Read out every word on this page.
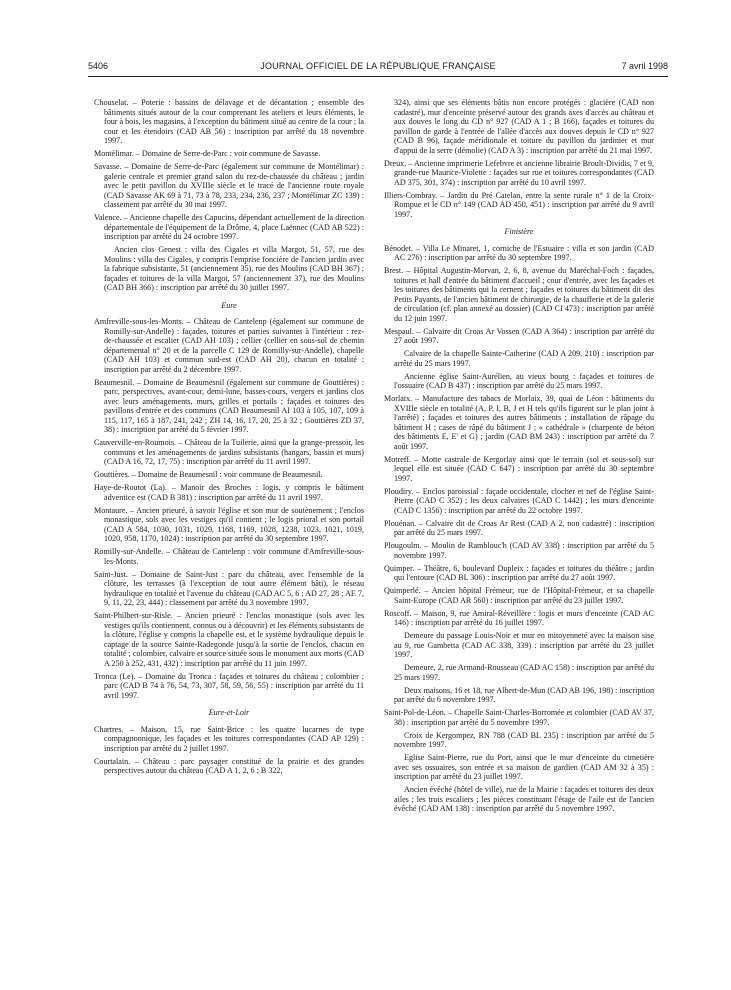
5406	JOURNAL OFFICIEL DE LA RÉPUBLIQUE FRANÇAISE	7 avril 1998

Chouselat. – Poterie : bassins de délavage et de décantation ; ensemble des bâtiments situés autour de la cour comprenant les ateliers et leurs éléments, le four à bois, les magasins, à l'exception du bâtiment situé au centre de la cour ; la cour et les étendoirs (CAD AB 56) : inscription par arrêté du 18 novembre 1997.

Montélimar. – Domaine de Serre-de-Parc : voir commune de Savasse.

Savasse. – Domaine de Serre-de-Parc (également sur commune de Montélimar) : galerie centrale et premier grand salon du rez-de-chaussée du château ; jardin avec le petit pavillon du XVIIIe siècle et le tracé de l'ancienne route royale (CAD Savasse AK 69 à 71, 73 à 78, 233, 234, 236, 237 ; Montélimar ZC 139) : classement par arrêté du 30 mai 1997.

Valence. – Ancienne chapelle des Capucins, dépendant actuellement de la direction départementale de l'équipement de la Drôme, 4, place Laënnec (CAD AB 522) : inscription par arrêté du 24 octobre 1997.

Ancien clos Genest : villa des Cigales et villa Margot, 51, 57, rue des Moulins : villa des Cigales, y compris l'emprise foncière de l'ancien jardin avec la fabrique subsistante, 51 (anciennement 35), rue des Moulins (CAD BH 367) ; façades et toitures de la villa Margot, 57 (anciennement 37), rue des Moulins (CAD BH 366) : inscription par arrêté du 30 juillet 1997.

Eure

Amfreville-sous-les-Monts. – Château de Cantelenp (également sur commune de Romilly-sur-Andelle) : façades, toitures et parties suivantes à l'intérieur : rez-de-chaussée et escalier (CAD AH 103) ; cellier (cellier en sous-sol de chemin départemental n° 20 et de la parcelle C 129 de Romilly-sur-Andelle), chapelle (CAD AH 103) et commun sud-est (CAD AH 20), chacun en totalité : inscription par arrêté du 2 décembre 1997.

Beaumesnil. – Domaine de Beaumesnil (également sur commune de Gouttières) : parc, perspectives, avant-cour, demi-lune, basses-cours, vergers et jardins clos avec leurs aménagements, murs, grilles et portails ; façades et toitures des pavillons d'entrée et des communs (CAD Beaumesnil AI 103 à 105, 107, 109 à 115, 117, 165 à 187, 241, 242 ; ZH 14, 16, 17, 20, 25 à 32 ; Gouttières ZD 37, 38) : inscription par arrêté du 5 février 1997.

Cauverville-en-Roumois. – Château de la Tuilerie, ainsi que la grange-pressoir, les communs et les aménagements de jardins subsistants (hangars, bassin et murs) (CAD A 16, 72, 17, 75) : inscription par arrêté du 11 avril 1997.

Gouttières. – Domaine de Beaumesnil : voir commune de Beaumesnil.

Haye-de-Routot (La). – Manoir des Broches : logis, y compris le bâtiment adventice est (CAD B 381) : inscription par arrêté du 11 avril 1997.

Montaure. – Ancien prieuré, à savoir l'église et son mur de soutènement ; l'enclos monastique, sols avec les vestiges qu'il contient ; le logis prioral et son portail (CAD A 584, 1030, 1031, 1029, 1168, 1169, 1028, 1238, 1023, 1021, 1019, 1020, 958, 1170, 1024) : inscription par arrêté du 30 septembre 1997.

Romilly-sur-Andelle. – Château de Cantelenp : voir commune d'Amfreville-sous-les-Monts.

Saint-Just. – Domaine de Saint-Just : parc du château, avec l'ensemble de la clôture, les terrasses (à l'exception de tout autre élément bâti), le réseau hydraulique en totalité et l'avenue du château (CAD AC 5, 6 ; AD 27, 28 ; AE 7, 9, 11, 22, 23, 444) : classement par arrêté du 3 novembre 1997.

Saint-Philbert-sur-Risle. – Ancien prieuré : l'enclos monastique (sols avec les vestiges qu'ils contiennent, connus ou à découvrir) et les éléments subsistants de la clôture, l'église y compris la chapelle est, et le système hydraulique depuis le captage de la source Sainte-Radegonde jusqu'à la sortie de l'enclos, chacun en totalité ; colombier, calvaire et source située sous le monument aux morts (CAD A 250 à 252, 431, 432) : inscription par arrêté du 11 juin 1997.

Tronca (Le). – Domaine du Tronca : façades et toitures du château ; colombier ; parc (CAD B 74 à 76, 54, 73, 307, 58, 59, 56, 55) : inscription par arrêté du 11 avril 1997.

Eure-et-Loir

Chartres. – Maison, 15, rue Saint-Brice : les quatre lucarnes de type compagnonnique, les façades et les toitures correspondantes (CAD AP 129) : inscription par arrêté du 2 juillet 1997.

Courtalain. – Château : parc paysager constitué de la prairie et des grandes perspectives autour du château (CAD A 1, 2, 6 ; B 322,

324), ainsi que ses éléments bâtis non encore protégés : glacière (CAD non cadastré), mur d'enceinte préservé autour des grands axes d'accès au château et aux douves le long du CD n° 927 (CAD A 1 ; B 166), façades et toitures du pavillon de garde à l'entrée de l'allée d'accès aux douves depuis le CD n° 927 (CAD B 96), façade méridionale et toiture du pavillon du jardinier et mur d'appui de la serre (démolie) (CAD A 3) : inscription par arrêté du 21 mai 1997.

Dreux. – Ancienne imprimerie Lefebvre et ancienne librairie Broult-Dividis, 7 et 9, grande-rue Maurice-Violette : façades sur rue et toitures correspondantes (CAD AD 375, 301, 374) : inscription par arrêté du 10 avril 1997.

Illiers-Combray. – Jardin du Pré Catelan, entre la sente rurale n° 1 de la Croix-Rompue et le CD n° 149 (CAD AD 450, 451) : inscription par arrêté du 9 avril 1997.

Finistère

Bénodet. – Villa Le Minaret, 1, corniche de l'Estuaire : villa et son jardin (CAD AC 276) : inscription par arrêté du 30 septembre 1997.

Brest. – Hôpital Augustin-Morvan, 2, 6, 8, avenue du Maréchal-Foch : façades, toitures et hall d'entrée du bâtiment d'accueil ; cour d'entrée, avec les façades et les toitures des bâtiments qui la cernent ; façades et toitures du bâtiment dit des Petits Payants, de l'ancien bâtiment de chirurgie, de la chaufferie et de la galerie de circulation (cf. plan annexé au dossier) (CAD CI 473) : inscription par arrêté du 12 juin 1997.

Mespaul. – Calvaire dit Croas Ar Vossen (CAD A 364) : inscription par arrêté du 27 août 1997.

Calvaire de la chapelle Sainte-Catherine (CAD A 209, 210) : inscription par arrêté du 25 mars 1997.

Ancienne église Saint-Aurélien, au vieux bourg : façades et toitures de l'ossuaire (CAD B 437) : inscription par arrêté du 25 mars 1997.

Morlaix. – Manufacture des tabacs de Morlaix, 39, quai de Léon : bâtiments du XVIIIe siècle en totalité (A, P, I, B, J et H tels qu'ils figurent sur le plan joint à l'arrêté) ; façades et toitures des autres bâtiments ; installation de râpage du bâtiment H ; cases de râpé du bâtiment J ; « cathédrale » (charpente de béton des bâtiments E, E' et G) ; jardin (CAD BM 243) : inscription par arrêté du 7 août 1997.

Motreff. – Motte castrale de Kergorlay ainsi que le terrain (sol et sous-sol) sur lequel elle est située (CAD C 647) : inscription par arrêté du 30 septembre 1997.

Ploudiry. – Enclos paroissial : façade occidentale, clocher et nef de l'église Saint-Pierre (CAD C 352) ; les deux calvaires (CAD C 1442) ; les murs d'enceinte (CAD C 1356) : inscription par arrêté du 22 octobre 1997.

Plouénan. – Calvaire dit de Croas Ar Rest (CAD A 2, non cadastré) : inscription par arrêté du 25 mars 1997.

Plougoulm. – Moulin de Ramblouc'h (CAD AV 338) : inscription par arrêté du 5 novembre 1997.

Quimper. – Théâtre, 6, boulevard Dupleix : façades et toitures du théâtre ; jardin qui l'entoure (CAD BL 306) : inscription par arrêté du 27 août 1997.

Quimperlé. – Ancien hôpital Frémeur, rue de l'Hôpital-Frémeur, et sa chapelle Saint-Europe (CAD AR 560) : inscription par arrêté du 23 juillet 1997.

Roscoff. – Maison, 9, rue Amiral-Réveillère : logis et murs d'enceinte (CAD AC 146) : inscription par arrêté du 16 juillet 1997.

Demeure du passage Louis-Noir et mur en mitoyenneté avec la maison sise au 9, rue Gambetta (CAD AC 338, 339) : inscription par arrêté du 23 juillet 1997.

Demeure, 2, rue Armand-Rousseau (CAD AC 158) : inscription par arrêté du 25 mars 1997.

Deux maisons, 16 et 18, rue Albert-de-Mun (CAD AB 196, 198) : inscription par arrêté du 6 novembre 1997.

Saint-Pol-de-Léon. – Chapelle Saint-Charles-Borromée et colombier (CAD AV 37, 38) : inscription par arrêté du 5 novembre 1997.

Croix de Kergompez, RN 788 (CAD BL 235) : inscription par arrêté du 5 novembre 1997.

Eglise Saint-Pierre, rue du Port, ainsi que le mur d'enceinte du cimetière avec ses ossuaires, son entrée et sa maison de gardien (CAD AM 32 à 35) : inscription par arrêté du 23 juillet 1997.

Ancien évêché (hôtel de ville), rue de la Mairie : façades et toitures des deux ailes ; les trois escaliers ; les pièces constituant l'étage de l'aile est de l'ancien évêché (CAD AM 138) : inscription par arrêté du 5 novembre 1997.
